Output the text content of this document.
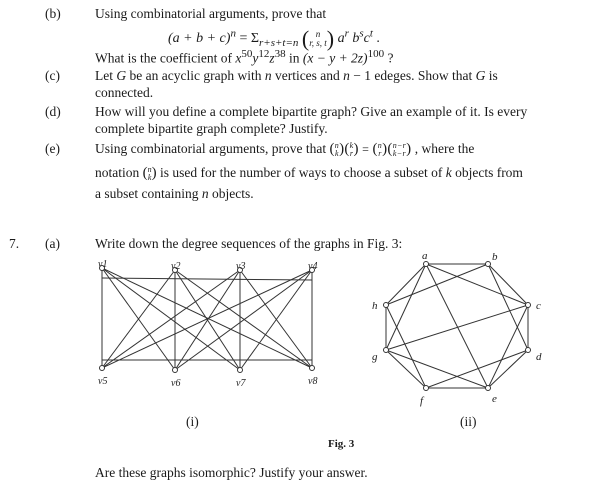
(b)	Using combinatorial arguments, prove that
$(a + b + c)^n = \Sigma_{r+s+t=n}$ ( n
r, s, t ) $a^r$ $b^sc^t$ .
What is the coefficient of $x^{50}y^{12}z^{38}$ in $(x - y + 2z)^{100}$ ?
(c)	Let G be an acyclic graph with n vertices and n − 1 edeges. Show that G is
connected.
(d)	How will you define a complete bipartite graph? Give an example of it. Is every
complete bipartite graph complete? Justify.
(e)	Using combinatorial arguments, prove that ( n
k )( k
r ) = ( n
r )( n−r
k−r ) , where the
notation ( n
k ) is used for the number of ways to choose a subset of k objects from
a subset containing n objects.
7. (a)	Write down the degree sequences of the graphs in Fig. 3:
v1	v2	v3	v4
v5	v6	v7	v8
a	b
c
d
e
f
g
h
(i)	(ii)
Fig. 3
Are these graphs isomorphic? Justify your answer.
